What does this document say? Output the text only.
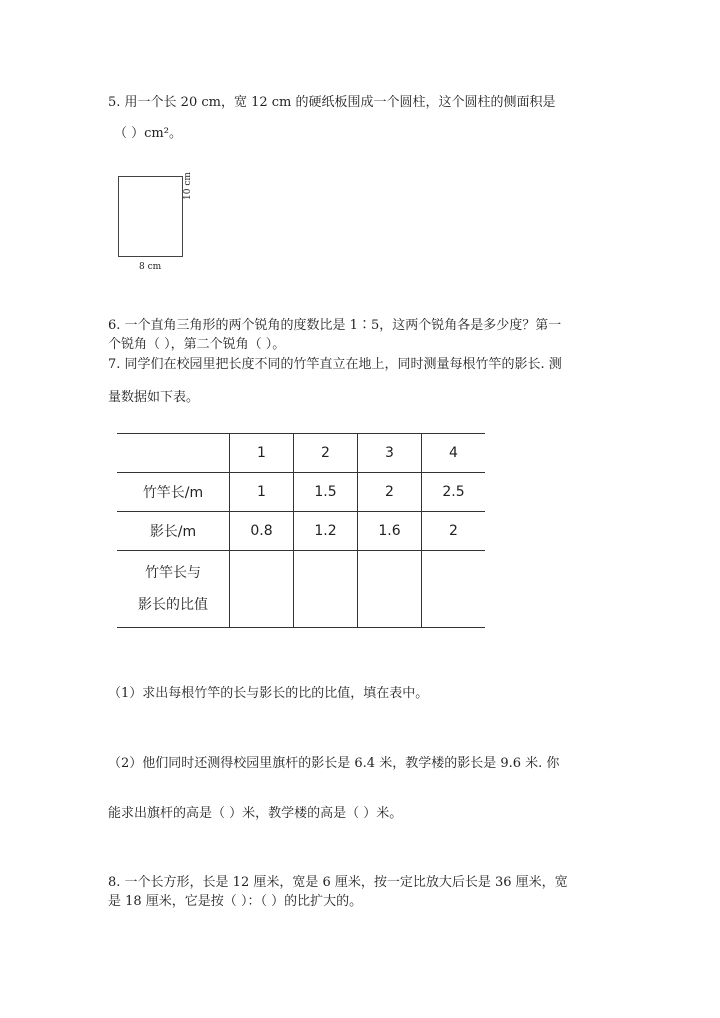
5. 用一个长 20 cm，宽 12 cm 的硬纸板围成一个圆柱，这个圆柱的侧面积是
（ ）cm²。
10 cm
8 cm
6. 一个直角三角形的两个锐角的度数比是 1∶5，这两个锐角各是多少度？第一
个锐角（ ），第二个锐角（ ）。
7. 同学们在校园里把长度不同的竹竿直立在地上，同时测量每根竹竿的影长. 测
量数据如下表。
	1	2	3	4
竹竿长/m	1	1.5	2	2.5
影长/m	0.8	1.2	1.6	2

竹竿长与
影长的比值				

（1）求出每根竹竿的长与影长的比的比值，填在表中。
（2）他们同时还测得校园里旗杆的影长是 6.4 米，教学楼的影长是 9.6 米. 你
能求出旗杆的高是（ ）米，教学楼的高是（ ）米。
8. 一个长方形，长是 12 厘米，宽是 6 厘米，按一定比放大后长是 36 厘米，宽
是 18 厘米，它是按（ ）：（ ）的比扩大的。
